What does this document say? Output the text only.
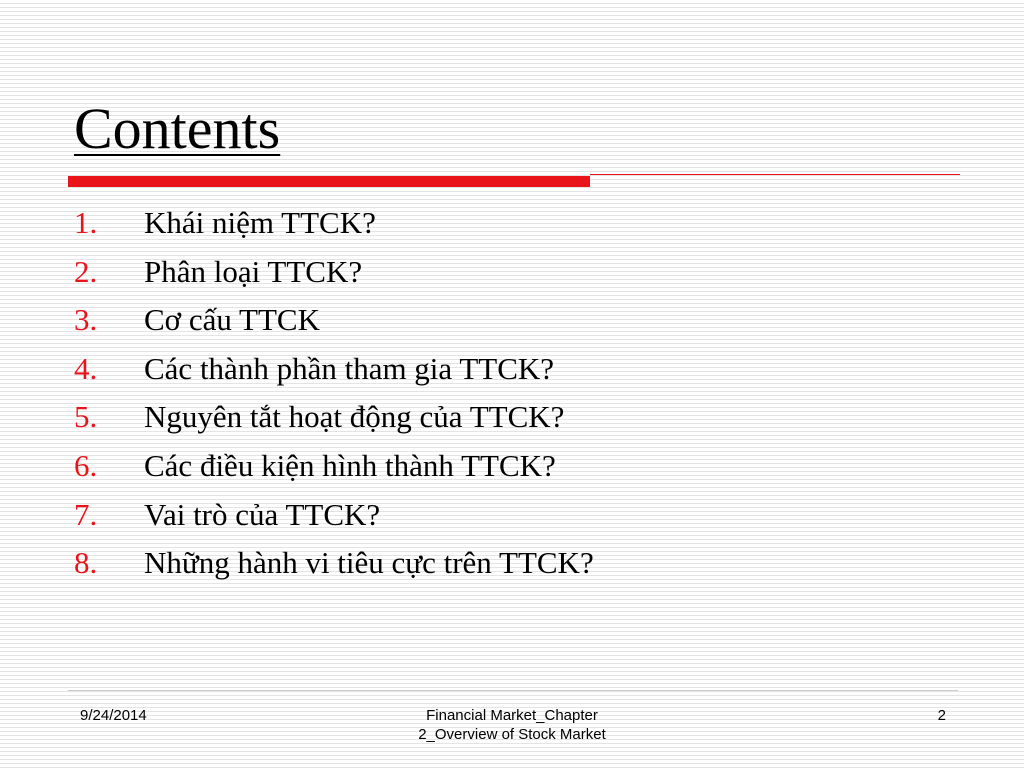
Contents
1.	Khái niệm TTCK?
2.	Phân loại TTCK?
3.	Cơ cấu TTCK
4.	Các thành phần tham gia TTCK?
5.	Nguyên tắt hoạt động của TTCK?
6.	Các điều kiện hình thành TTCK?
7.	Vai trò của TTCK?
8.	Những hành vi tiêu cực trên TTCK?
9/24/2014	Financial Market_Chapter
2_Overview of Stock Market
2
